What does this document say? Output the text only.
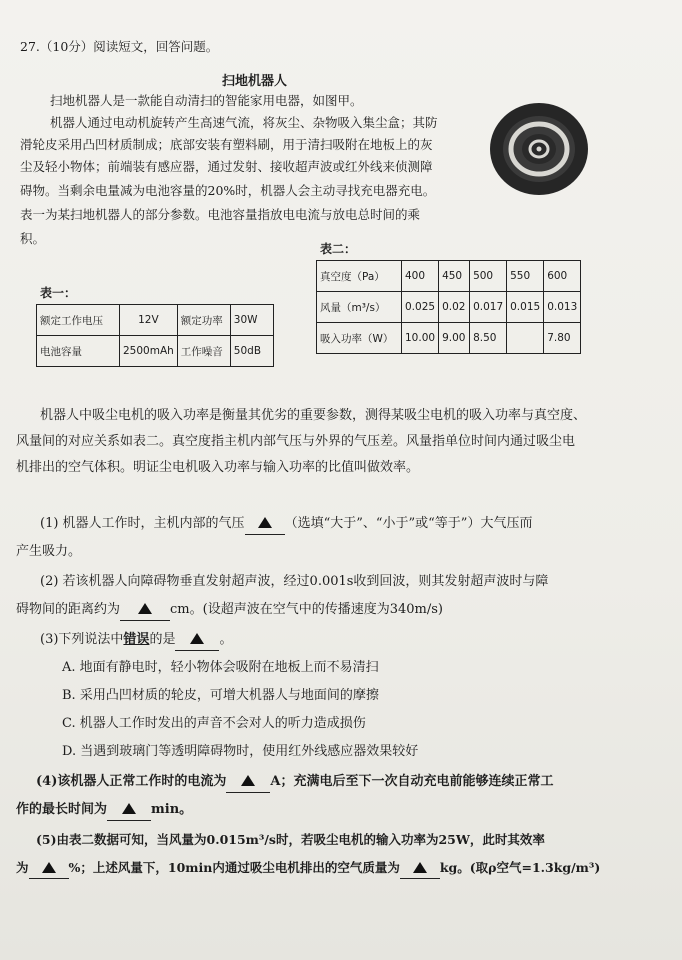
27.（10分）阅读短文，回答问题。
扫地机器人
扫地机器人是一款能自动清扫的智能家用电器，如图甲。
机器人通过电动机旋转产生高速气流，将灰尘、杂物吸入集尘盒；其防
滑轮皮采用凸凹材质制成；底部安装有塑料刷，用于清扫吸附在地板上的灰
尘及轻小物体；前端装有感应器，通过发射、接收超声波或红外线来侦测障
碍物。当剩余电量减为电池容量的20%时，机器人会主动寻找充电器充电。
表一为某扫地机器人的部分参数。电池容量指放电电流与放电总时间的乘
积。
表一：
额定工作电压	12V	额定功率	30W
电池容量	2500mAh	工作噪音	50dB
表二：
真空度（Pa）	400	450	500	550	600
风量（m³/s）	0.025	0.02	0.017	0.015	0.013
吸入功率（W）	10.00	9.00	8.50		7.80
机器人中吸尘电机的吸入功率是衡量其优劣的重要参数，测得某吸尘电机的吸入功率与真空度、
风量间的对应关系如表二。真空度指主机内部气压与外界的气压差。风量指单位时间内通过吸尘电
机排出的空气体积。明证尘电机吸入功率与输入功率的比值叫做效率。
(1) 机器人工作时，主机内部的气压	（选填“大于”、“小于”或“等于”）大气压而
产生吸力。
(2) 若该机器人向障碍物垂直发射超声波，经过0.001s收到回波，则其发射超声波时与障
碍物间的距离约为	cm。(设超声波在空气中的传播速度为340m/s)
(3)下列说法中错误的是	。
A. 地面有静电时，轻小物体会吸附在地板上而不易清扫
B. 采用凸凹材质的轮皮，可增大机器人与地面间的摩擦
C. 机器人工作时发出的声音不会对人的听力造成损伤
D. 当遇到玻璃门等透明障碍物时，使用红外线感应器效果较好
(4)该机器人正常工作时的电流为	A；充满电后至下一次自动充电前能够连续正常工
作的最长时间为	min。
(5)由表二数据可知，当风量为0.015m³/s时，若吸尘电机的输入功率为25W，此时其效率
为	%；上述风量下，10min内通过吸尘电机排出的空气质量为	kg。(取ρ空气=1.3kg/m³)
